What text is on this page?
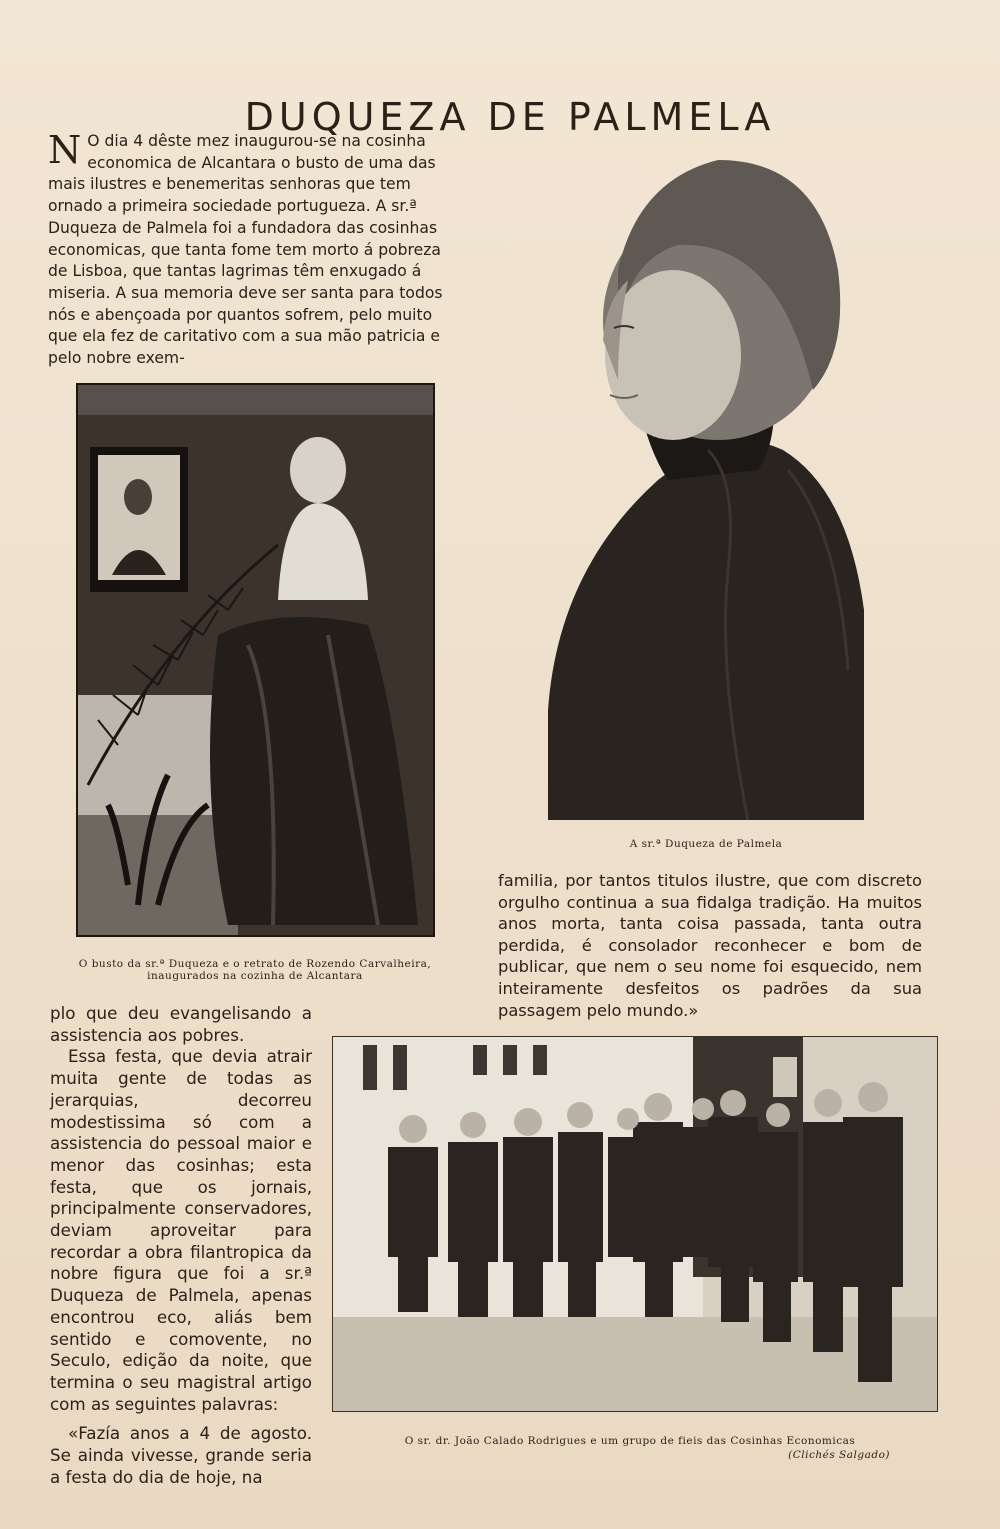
DUQUEZA DE PALMELA
N O dia 4 dêste mez inaugurou-se na cosinha economica de Alcantara o busto de uma das mais ilustres e benemeritas senhoras que tem ornado a primeira sociedade portugueza. A sr.ª Duqueza de Palmela foi a fundadora das cosinhas economicas, que tanta fome tem morto á pobreza de Lisboa, que tantas lagrimas têm enxugado á miseria. A sua memoria deve ser santa para todos nós e abençoada por quantos sofrem, pelo muito que ela fez de caritativo com a sua mão patricia e pelo nobre exem-

A sr.ª Duqueza de Palmela
O busto da sr.ª Duqueza e o retrato de Rozendo Carvalheira,
inaugurados na cozinha de Alcantara

familia, por tantos titulos ilustre, que com discreto orgulho continua a sua fidalga tradição. Ha muitos anos morta, tanta coisa passada, tanta outra perdida, é consolador reconhecer e bom de publicar, que nem o seu nome foi esquecido, nem inteiramente desfeitos os padrões da sua passagem pelo mundo.»

plo que deu evangelisando a assistencia aos pobres.

Essa festa, que devia atrair muita gente de todas as jerarquias, decorreu modestissima só com a assistencia do pessoal maior e menor das cosinhas; esta festa, que os jornais, principalmente conservadores, deviam aproveitar para recordar a obra filantropica da nobre figura que foi a sr.ª Duqueza de Palmela, apenas encontrou eco, aliás bem sentido e comovente, no Seculo, edição da noite, que termina o seu magistral artigo com as seguintes palavras:

«Fazía anos a 4 de agosto. Se ainda vivesse, grande seria a festa do dia de hoje, na

O sr. dr. João Calado Rodrigues e um grupo de fieis das Cosinhas Economicas
(Clichés Salgado)
